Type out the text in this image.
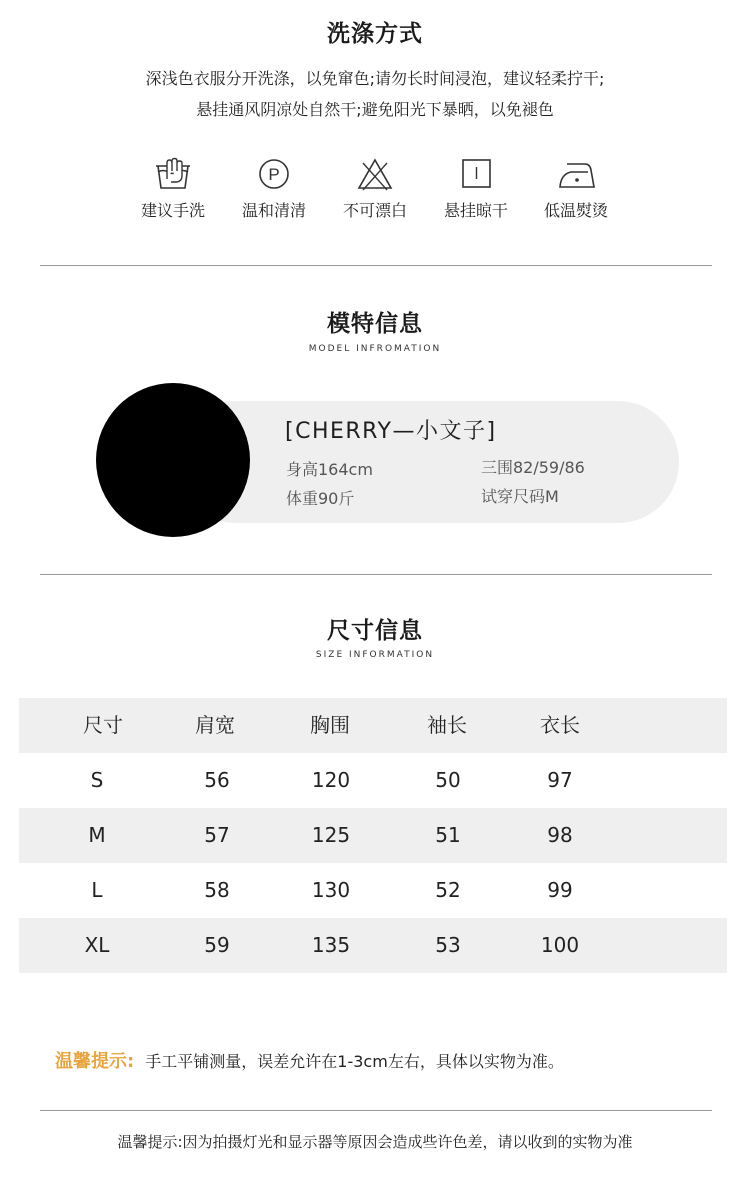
洗涤方式
深浅色衣服分开洗涤，以免窜色;请勿长时间浸泡，建议轻柔拧干;
悬挂通风阴凉处自然干;避免阳光下暴晒，以免褪色
P
建议手洗	温和清清	不可漂白	悬挂晾干	低温熨烫
模特信息
MODEL INFROMATION
[CHERRY—小文子]
身高164cm
体重90斤
三围82/59/86
试穿尺码M
尺寸信息
SIZE INFORMATION
尺寸	肩宽	胸围	袖长	衣长
S	56	120	50	97
M	57	125	51	98
L	58	130	52	99
XL	59	135	53	100
温馨提示: 手工平铺测量，误差允许在1-3cm左右，具体以实物为准。
温馨提示:因为拍摄灯光和显示器等原因会造成些许色差，请以收到的实物为准
